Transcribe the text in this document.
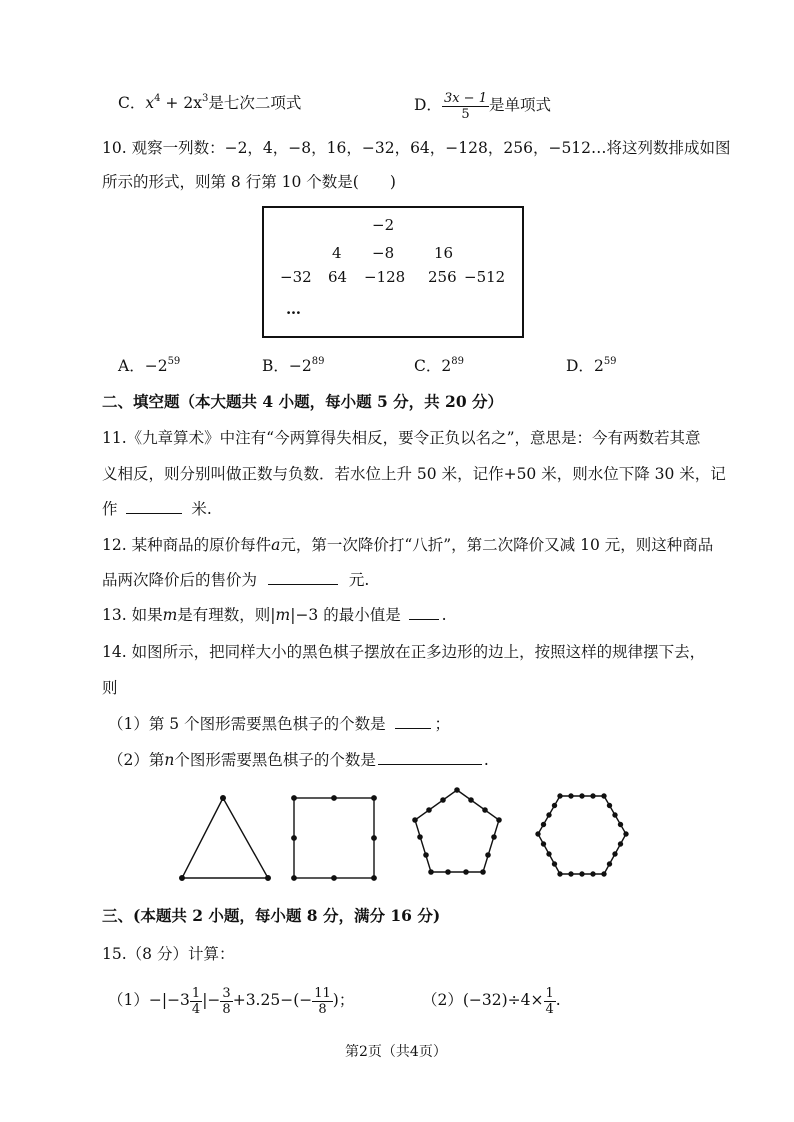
C．$x^4 + 2x^3$是七次二项式	D． $\frac{3x - 1}{5}$ 是单项式
10. 观察一列数：−2，4，−8，16，−32，64，−128，256，−512…将这列数排成如图
所示的形式，则第 8 行第 10 个数是(　　)
−2
4 −8	16
−32 64 −128 256 −512
…
A．$-2^{59}$	B．$-2^{89}$	C．$2^{89}$	D．$2^{59}$
二、填空题（本大题共 4 小题，每小题 5 分，共 20 分）
11.《九章算术》中注有“今两算得失相反，要令正负以名之”，意思是：今有两数若其意
义相反，则分别叫做正数与负数．若水位上升 50 米，记作+50 米，则水位下降 30 米，记
作	米.
12. 某种商品的原价每件a元，第一次降价打“八折”，第二次降价又减 10 元，则这种商品
品两次降价后的售价为	元.
13. 如果m是有理数，则|m|−3 的最小值是	.
14. 如图所示，把同样大小的黑色棋子摆放在正多边形的边上，按照这样的规律摆下去，
则
（1）第 5 个图形需要黑色棋子的个数是	；
（2）第n个图形需要黑色棋子的个数是	.
三、(本题共 2 小题，每小题 8 分，满分 16 分)
15.（8 分）计算：
$(1)-|-3 \frac{1}{4}$ |− $\frac{3}{8} +3.25-(- \frac{11}{8}$ )；	$(2)(-32)\div 4\times \frac{1}{4}$ .
第2页（共4页）
